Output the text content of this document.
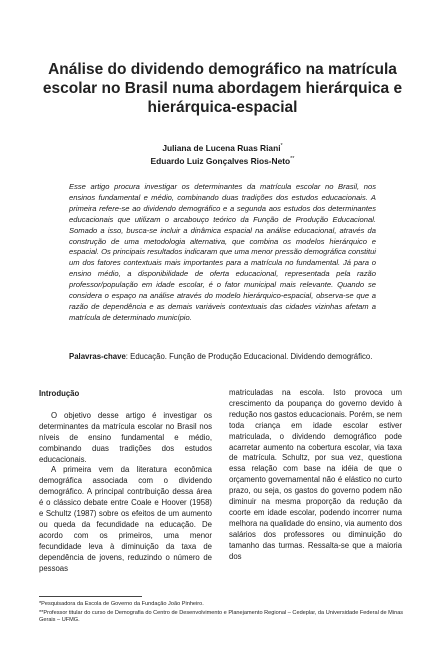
Análise do dividendo demográfico na matrícula escolar no Brasil numa abordagem hierárquica e hierárquica-espacial
Juliana de Lucena Ruas Riani*
Eduardo Luiz Gonçalves Rios-Neto**
Esse artigo procura investigar os determinantes da matrícula escolar no Brasil, nos ensinos fundamental e médio, combinando duas tradições dos estudos educacionais. A primeira refere-se ao dividendo demográfico e a segunda aos estudos dos determinantes educacionais que utilizam o arcabouço teórico da Função de Produção Educacional. Somado a isso, busca-se incluir a dinâmica espacial na análise educacional, através da construção de uma metodologia alternativa, que combina os modelos hierárquico e espacial. Os principais resultados indicaram que uma menor pressão demográfica constitui um dos fatores contextuais mais importantes para a matrícula no fundamental. Já para o ensino médio, a disponibilidade de oferta educacional, representada pela razão professor/população em idade escolar, é o fator municipal mais relevante. Quando se considera o espaço na análise através do modelo hierárquico-espacial, observa-se que a razão de dependência e as demais variáveis contextuais das cidades vizinhas afetam a matrícula de determinado município.
Palavras-chave: Educação. Função de Produção Educacional. Dividendo demográfico.
Introdução

O objetivo desse artigo é investigar os determinantes da matrícula escolar no Brasil nos níveis de ensino fundamental e médio, combinando duas tradições dos estudos educacionais.

A primeira vem da literatura econômica demográfica associada com o dividendo demográfico. A principal contribuição dessa área é o clássico debate entre Coale e Hoover (1958) e Schultz (1987) sobre os efeitos de um aumento ou queda da fecundidade na educação. De acordo com os primeiros, uma menor fecundidade leva à diminuição da taxa de dependência de jovens, reduzindo o número de pessoas

matriculadas na escola. Isto provoca um crescimento da poupança do governo devido à redução nos gastos educacionais. Porém, se nem toda criança em idade escolar estiver matriculada, o dividendo demográfico pode acarretar aumento na cobertura escolar, via taxa de matrícula. Schultz, por sua vez, questiona essa relação com base na idéia de que o orçamento governamental não é elástico no curto prazo, ou seja, os gastos do governo podem não diminuir na mesma proporção da redução da coorte em idade escolar, podendo incorrer numa melhora na qualidade do ensino, via aumento dos salários dos professores ou diminuição do tamanho das turmas. Ressalta-se que a maioria dos

*Pesquisadora da Escola de Governo da Fundação João Pinheiro.
**Professor titular do curso de Demografia do Centro de Desenvolvimento e Planejamento Regional – Cedeplar, da Universidade Federal de Minas Gerais – UFMG.
